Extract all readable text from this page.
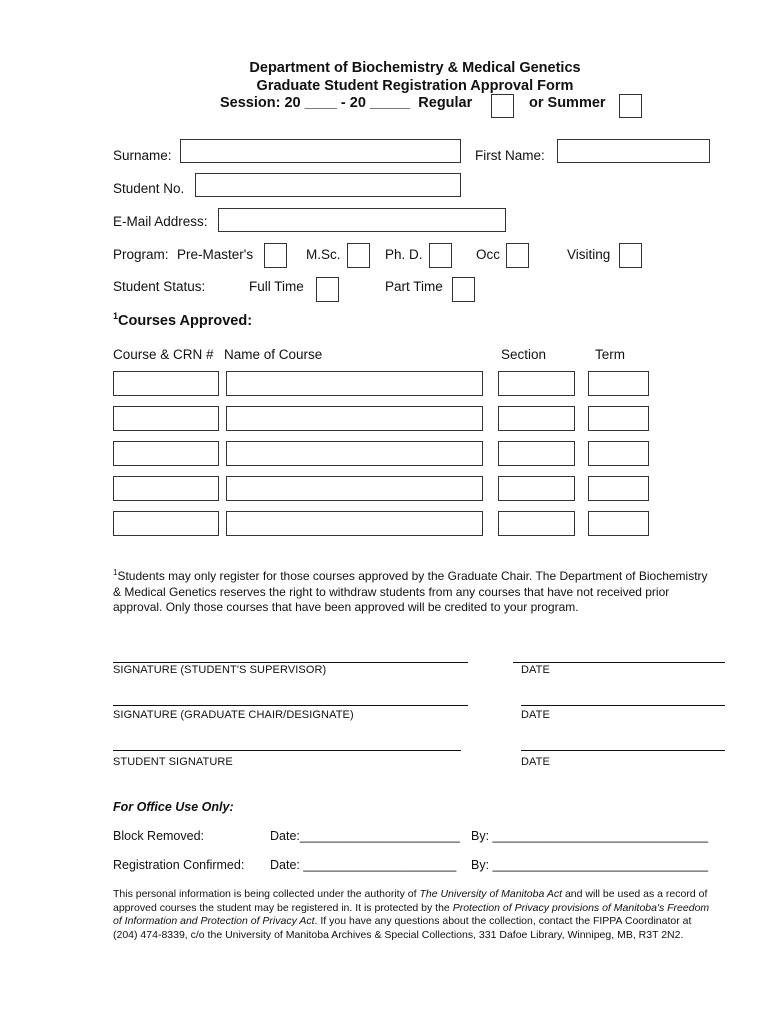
Department of Biochemistry & Medical Genetics
Graduate Student Registration Approval Form
Session: 20 ____ - 20 _____ Regular	or Summer
Surname:	First Name:
Student No.
E-Mail Address:
Program: Pre-Master's	M.Sc.	Ph. D.	Occ	Visiting
Student Status:	Full Time	Part Time
$^1$Courses Approved:
Course & CRN # Name of Course	Section	Term
$^1$Students may only register for those courses approved by the Graduate Chair. The Department of Biochemistry & Medical Genetics reserves the right to withdraw students from any courses that have not received prior approval. Only those courses that have been approved will be credited to your program.
SIGNATURE (STUDENT'S SUPERVISOR)	DATE
SIGNATURE (GRADUATE CHAIR/DESIGNATE)	DATE
STUDENT SIGNATURE	DATE
For Office Use Only:
Block Removed:	Date:_______________________ By: _______________________________
Registration Confirmed: Date: ______________________ By: _______________________________
This personal information is being collected under the authority of The University of Manitoba Act and will be used as a record of approved courses the student may be registered in. It is protected by the Protection of Privacy provisions of Manitoba's Freedom of Information and Protection of Privacy Act. If you have any questions about the collection, contact the FIPPA Coordinator at (204) 474-8339, c/o the University of Manitoba Archives & Special Collections, 331 Dafoe Library, Winnipeg, MB, R3T 2N2.
